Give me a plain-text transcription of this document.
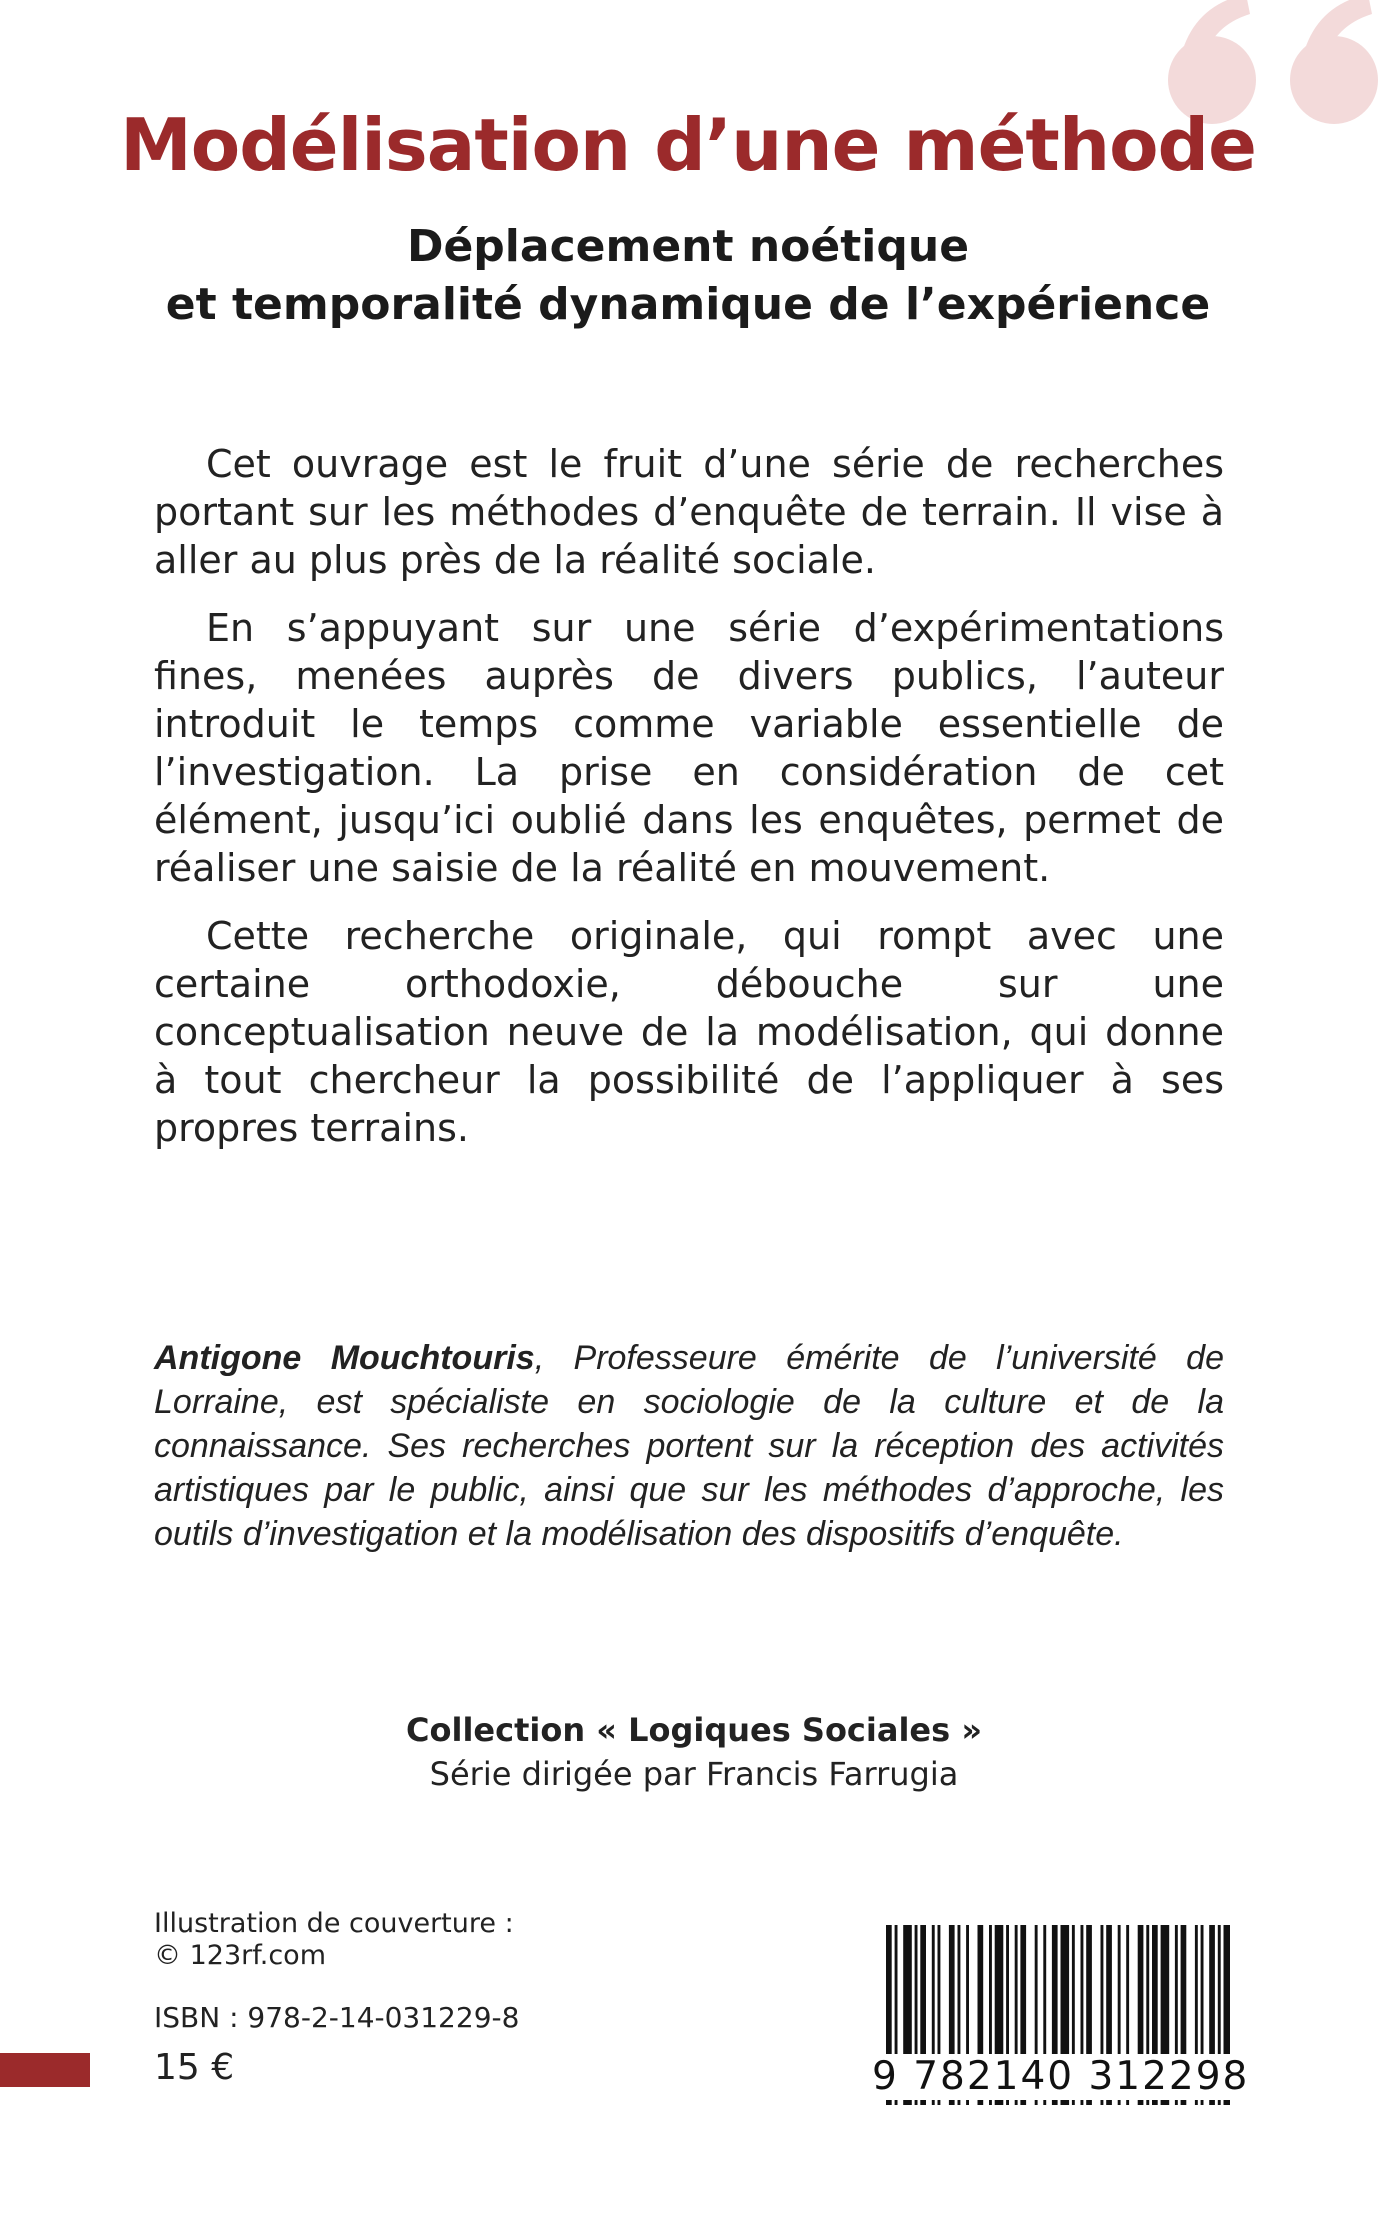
Modélisation d’une méthode
Déplacement noétique
et temporalité dynamique de l’expérience

Cet ouvrage est le fruit d’une série de recherches portant sur les méthodes d’enquête de terrain. Il vise à aller au plus près de la réalité sociale.

En s’appuyant sur une série d’expérimentations fines, menées auprès de divers publics, l’auteur introduit le temps comme variable essentielle de l’investigation. La prise en considération de cet élément, jusqu’ici oublié dans les enquêtes, permet de réaliser une saisie de la réalité en mouvement.

Cette recherche originale, qui rompt avec une certaine orthodoxie, débouche sur une conceptualisation neuve de la modélisation, qui donne à tout chercheur la possibilité de l’appliquer à ses propres terrains.

Antigone Mouchtouris, Professeure émérite de l’université de Lorraine, est spécialiste en sociologie de la culture et de la connaissance. Ses recherches portent sur la réception des activités artistiques par le public, ainsi que sur les méthodes d’approche, les outils d’investigation et la modélisation des dispositifs d’enquête.

Collection « Logiques Sociales »
Série dirigée par Francis Farrugia
Illustration de couverture :
© 123rf.com
ISBN : 978-2-14-031229-8
15 €	9 782140 312298
